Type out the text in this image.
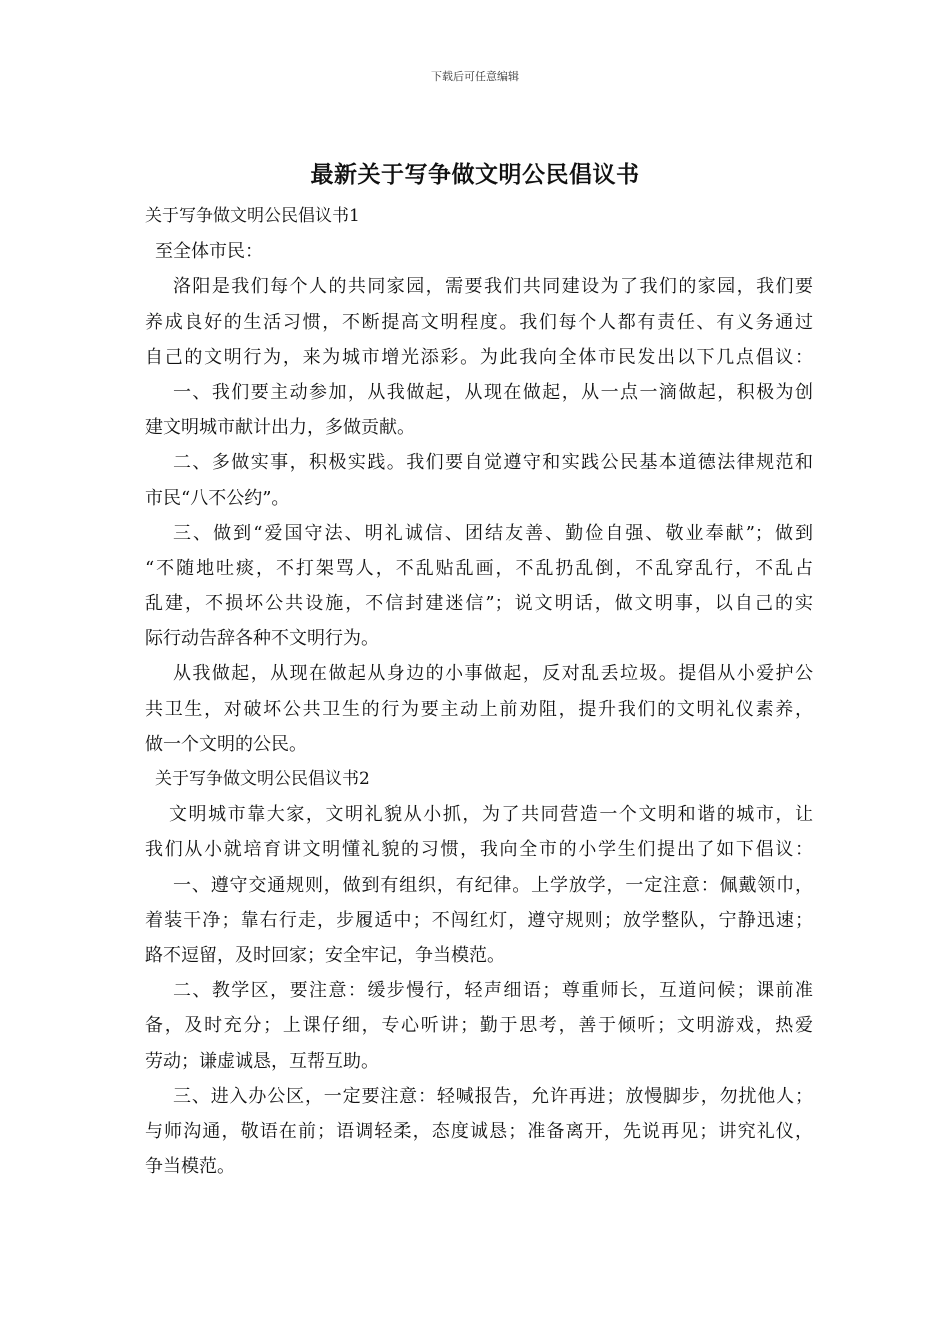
下载后可任意编辑
最新关于写争做文明公民倡议书
关于写争做文明公民倡议书1
至全体市民：
洛阳是我们每个人的共同家园，需要我们共同建设为了我们的家园，我们要
养成良好的生活习惯，不断提高文明程度。我们每个人都有责任、有义务通过
自己的文明行为，来为城市增光添彩。为此我向全体市民发出以下几点倡议：
一、我们要主动参加，从我做起，从现在做起，从一点一滴做起，积极为创
建文明城市献计出力，多做贡献。
二、多做实事，积极实践。我们要自觉遵守和实践公民基本道德法律规范和
市民“八不公约”。
三、做到“爱国守法、明礼诚信、团结友善、勤俭自强、敬业奉献”；做到
“不随地吐痰，不打架骂人，不乱贴乱画，不乱扔乱倒，不乱穿乱行，不乱占
乱建，不损坏公共设施，不信封建迷信”；说文明话，做文明事，以自己的实
际行动告辞各种不文明行为。
从我做起，从现在做起从身边的小事做起，反对乱丢垃圾。提倡从小爱护公
共卫生，对破坏公共卫生的行为要主动上前劝阻，提升我们的文明礼仪素养，
做一个文明的公民。
关于写争做文明公民倡议书2
文明城市靠大家，文明礼貌从小抓，为了共同营造一个文明和谐的城市，让
我们从小就培育讲文明懂礼貌的习惯，我向全市的小学生们提出了如下倡议：
一、遵守交通规则，做到有组织，有纪律。上学放学，一定注意：佩戴领巾，
着装干净；靠右行走，步履适中；不闯红灯，遵守规则；放学整队，宁静迅速；
路不逗留，及时回家；安全牢记，争当模范。
二、教学区，要注意：缓步慢行，轻声细语；尊重师长，互道问候；课前准
备，及时充分；上课仔细，专心听讲；勤于思考，善于倾听；文明游戏，热爱
劳动；谦虚诚恳，互帮互助。
三、进入办公区，一定要注意：轻喊报告，允许再进；放慢脚步，勿扰他人；
与师沟通，敬语在前；语调轻柔，态度诚恳；准备离开，先说再见；讲究礼仪，
争当模范。
